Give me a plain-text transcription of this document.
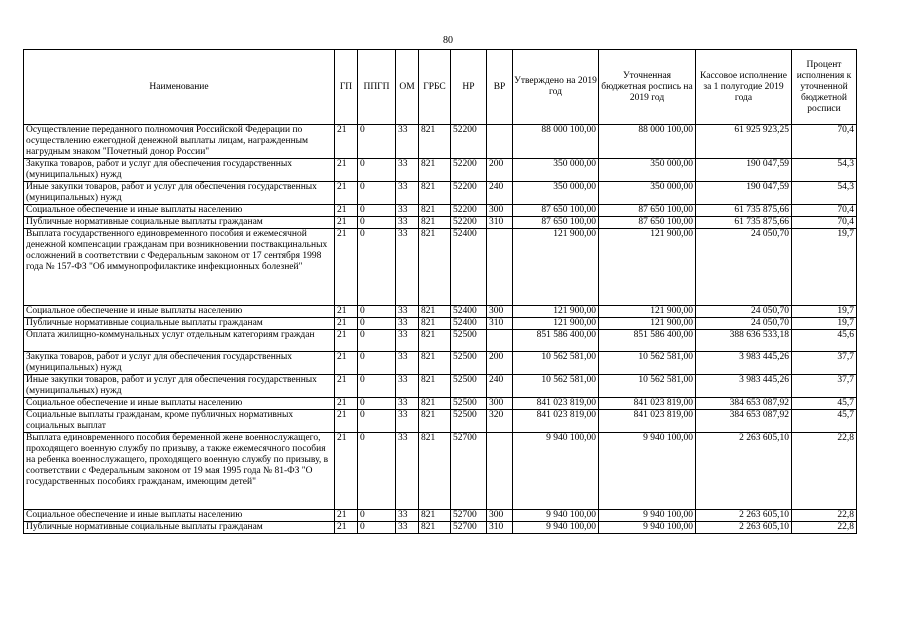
80
Наименование	ГП	ППГП	ОМ	ГРБС	НР	ВР	Утверждено на 2019 год	Уточненная бюджетная роспись на 2019 год	Кассовое исполнение за 1 полугодие 2019 года	Процент исполнения к уточненной бюджетной росписи
Осуществление переданного полномочия Российской Федерации по осуществлению ежегодной денежной выплаты лицам, награжденным нагрудным знаком "Почетный донор России"	21	0	33	821	52200		88 000 100,00	88 000 100,00	61 925 923,25	70,4
Закупка товаров, работ и услуг для обеспечения государственных (муниципальных) нужд	21	0	33	821	52200	200	350 000,00	350 000,00	190 047,59	54,3
Иные закупки товаров, работ и услуг для обеспечения государственных (муниципальных) нужд	21	0	33	821	52200	240	350 000,00	350 000,00	190 047,59	54,3
Социальное обеспечение и иные выплаты населению	21	0	33	821	52200	300	87 650 100,00	87 650 100,00	61 735 875,66	70,4
Публичные нормативные социальные выплаты гражданам	21	0	33	821	52200	310	87 650 100,00	87 650 100,00	61 735 875,66	70,4
Выплата государственного единовременного пособия и ежемесячной денежной компенсации гражданам при возникновении поствакцинальных осложнений в соответствии с Федеральным законом от 17 сентября 1998 года № 157-ФЗ "Об иммунопрофилактике инфекционных болезней"	21	0	33	821	52400		121 900,00	121 900,00	24 050,70	19,7
Социальное обеспечение и иные выплаты населению	21	0	33	821	52400	300	121 900,00	121 900,00	24 050,70	19,7
Публичные нормативные социальные выплаты гражданам	21	0	33	821	52400	310	121 900,00	121 900,00	24 050,70	19,7
Оплата жилищно-коммунальных услуг отдельным категориям граждан	21	0	33	821	52500		851 586 400,00	851 586 400,00	388 636 533,18	45,6
Закупка товаров, работ и услуг для обеспечения государственных (муниципальных) нужд	21	0	33	821	52500	200	10 562 581,00	10 562 581,00	3 983 445,26	37,7
Иные закупки товаров, работ и услуг для обеспечения государственных (муниципальных) нужд	21	0	33	821	52500	240	10 562 581,00	10 562 581,00	3 983 445,26	37,7
Социальное обеспечение и иные выплаты населению	21	0	33	821	52500	300	841 023 819,00	841 023 819,00	384 653 087,92	45,7
Социальные выплаты гражданам, кроме публичных нормативных социальных выплат	21	0	33	821	52500	320	841 023 819,00	841 023 819,00	384 653 087,92	45,7
Выплата единовременного пособия беременной жене военнослужащего, проходящего военную службу по призыву, а также ежемесячного пособия на ребенка военнослужащего, проходящего военную службу по призыву, в соответствии с Федеральным законом от 19 мая 1995 года № 81-ФЗ "О государственных пособиях гражданам, имеющим детей"	21	0	33	821	52700		9 940 100,00	9 940 100,00	2 263 605,10	22,8
Социальное обеспечение и иные выплаты населению	21	0	33	821	52700	300	9 940 100,00	9 940 100,00	2 263 605,10	22,8
Публичные нормативные социальные выплаты гражданам	21	0	33	821	52700	310	9 940 100,00	9 940 100,00	2 263 605,10	22,8
